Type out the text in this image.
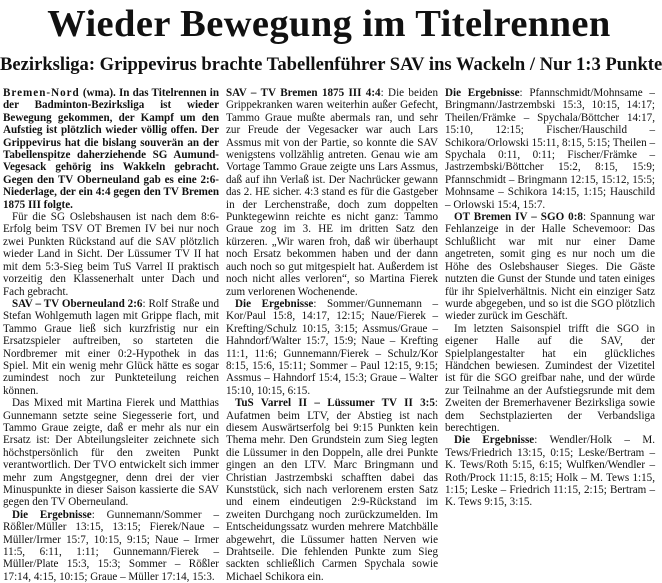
Wieder Bewegung im Titelrennen
Bezirksliga: Grippevirus brachte Tabellenführer SAV ins Wackeln / Nur 1:3 Punkte

Bremen-Nord (wma). In das Titelrennen in der Badminton-Bezirksliga ist wieder Bewegung gekommen, der Kampf um den Aufstieg ist plötzlich wieder völlig offen. Der Grippevirus hat die bislang souverän an der Tabellenspitze daherziehende SG Aumund-Vegesack gehörig ins Wakkeln gebracht. Gegen den TV Oberneuland gab es eine 2:6-Niederlage, der ein 4:4 gegen den TV Bremen 1875 III folgte.

Für die SG Oslebshausen ist nach dem 8:6-Erfolg beim TSV OT Bremen IV bei nur noch zwei Punkten Rückstand auf die SAV plötzlich wieder Land in Sicht. Der Lüssumer TV II hat mit dem 5:3-Sieg beim TuS Varrel II praktisch vorzeitig den Klassenerhalt unter Dach und Fach gebracht.

SAV – TV Oberneuland 2:6: Rolf Straße und Stefan Wohlgemuth lagen mit Grippe flach, mit Tammo Graue ließ sich kurzfristig nur ein Ersatzspieler auftreiben, so starteten die Nordbremer mit einer 0:2-Hypothek in das Spiel. Mit ein wenig mehr Glück hätte es sogar zumindest noch zur Punkteteilung reichen können.

Das Mixed mit Martina Fierek und Matthias Gunnemann setzte seine Siegesserie fort, und Tammo Graue zeigte, daß er mehr als nur ein Ersatz ist: Der Abteilungsleiter zeichnete sich höchstpersönlich für den zweiten Punkt verantwortlich. Der TVO entwickelt sich immer mehr zum Angstgegner, denn drei der vier Minuspunkte in dieser Saison kassierte die SAV gegen den TV Oberneuland.

Die Ergebnisse: Gunnemann/Sommer – Rößler/Müller 13:15, 13:15; Fierek/Naue – Müller/Irmer 15:7, 10:15, 9:15; Naue – Irmer 11:5, 6:11, 1:11; Gunnemann/Fierek – Müller/Plate 15:3, 15:3; Sommer – Rößler 17:14, 4:15, 10:15; Graue – Müller 17:14, 15:3.

SAV – TV Bremen 1875 III 4:4: Die beiden Grippekranken waren weiterhin außer Gefecht, Tammo Graue mußte abermals ran, und sehr zur Freude der Vegesacker war auch Lars Assmus mit von der Partie, so konnte die SAV wenigstens vollzählig antreten. Genau wie am Vortage Tammo Graue zeigte uns Lars Assmus, daß auf ihn Verlaß ist. Der Nachrücker gewann das 2. HE sicher. 4:3 stand es für die Gastgeber in der Lerchenstraße, doch zum doppelten Punktegewinn reichte es nicht ganz: Tammo Graue zog im 3. HE im dritten Satz den kürzeren. „Wir waren froh, daß wir überhaupt noch Ersatz bekommen haben und der dann auch noch so gut mitgespielt hat. Außerdem ist noch nicht alles verloren“, so Martina Fierek zum verlorenen Wochenende.

Die Ergebnisse: Sommer/Gunnemann – Kor/Paul 15:8, 14:17, 12:15; Naue/Fierek – Krefting/Schulz 10:15, 3:15; Assmus/Graue – Hahndorf/Walter 15:7, 15:9; Naue – Krefting 11:1, 11:6; Gunnemann/Fierek – Schulz/Kor 8:15, 15:6, 15:11; Sommer – Paul 12:15, 9:15; Assmus – Hahndorf 15:4, 15:3; Graue – Walter 15:10, 10:15, 6:15.

TuS Varrel II – Lüssumer TV II 3:5: Aufatmen beim LTV, der Abstieg ist nach diesem Auswärtserfolg bei 9:15 Punkten kein Thema mehr. Den Grundstein zum Sieg legten die Lüssumer in den Doppeln, alle drei Punkte gingen an den LTV. Marc Bringmann und Christian Jastrzembski schafften dabei das Kunststück, sich nach verlorenem ersten Satz und einem eindeutigen 2:9-Rückstand im zweiten Durchgang noch zurückzumelden. Im Entscheidungssatz wurden mehrere Matchbälle abgewehrt, die Lüssumer hatten Nerven wie Drahtseile. Die fehlenden Punkte zum Sieg sackten schließlich Carmen Spychala sowie Michael Schikora ein.

Die Ergebnisse: Pfannschmidt/Mohnsame – Bringmann/Jastrzembski 15:3, 10:15, 14:17; Theilen/Främke – Spychala/Böttcher 14:17, 15:10, 12:15; Fischer/Hauschild – Schikora/Orlowski 15:11, 8:15, 5:15; Theilen – Spychala 0:11, 0:11; Fischer/Främke – Jastrzembski/Böttcher 15:2, 8:15, 15:9; Pfannschmidt – Bringmann 12:15, 15:12, 15:5; Mohnsame – Schikora 14:15, 1:15; Hauschild – Orlowski 15:4, 15:7.

OT Bremen IV – SGO 0:8: Spannung war Fehlanzeige in der Halle Schevemoor: Das Schlußlicht war mit nur einer Dame angetreten, somit ging es nur noch um die Höhe des Oslebshauser Sieges. Die Gäste nutzten die Gunst der Stunde und taten einiges für ihr Spielverhältnis. Nicht ein einziger Satz wurde abgegeben, und so ist die SGO plötzlich wieder zurück im Geschäft.

Im letzten Saisonspiel trifft die SGO in eigener Halle auf die SAV, der Spielplangestalter hat ein glückliches Händchen bewiesen. Zumindest der Vizetitel ist für die SGO greifbar nahe, und der würde zur Teilnahme an der Aufstiegsrunde mit dem Zweiten der Bremerhavener Bezirksliga sowie dem Sechstplazierten der Verbandsliga berechtigen.

Die Ergebnisse: Wendler/Holk – M. Tews/Friedrich 13:15, 0:15; Leske/Bertram – K. Tews/Roth 5:15, 6:15; Wulfken/Wendler – Roth/Prock 11:15, 8:15; Holk – M. Tews 1:15, 1:15; Leske – Friedrich 11:15, 2:15; Bertram – K. Tews 9:15, 3:15.
